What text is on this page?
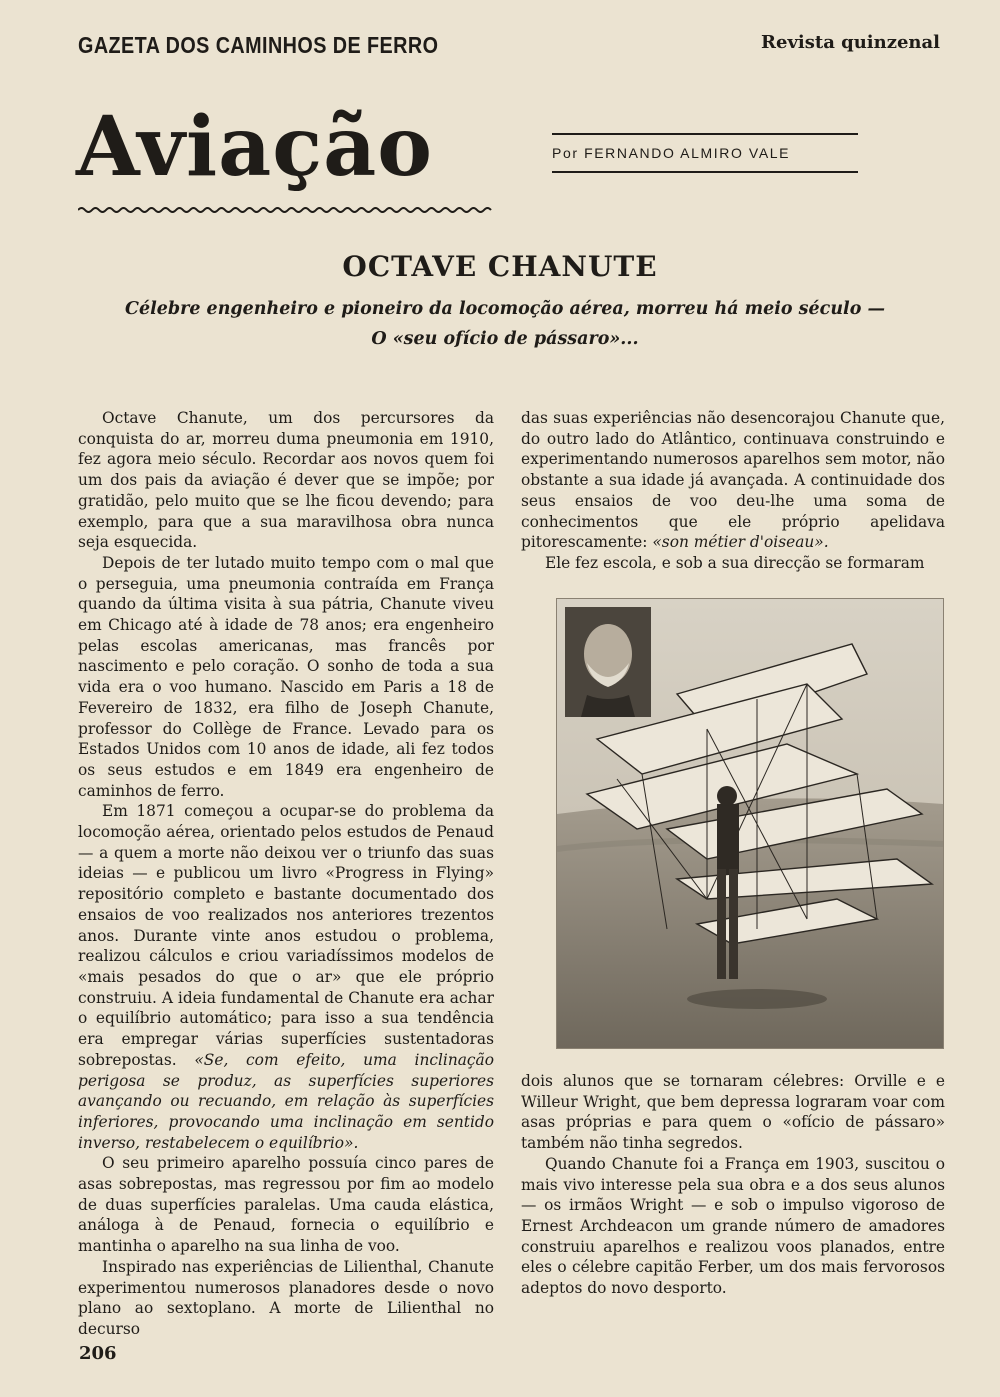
GAZETA DOS CAMINHOS DE FERRO	Revista quinzenal
Aviação	Por FERNANDO ALMIRO VALE
OCTAVE CHANUTE
Célebre engenheiro e pioneiro da locomoção aérea, morreu há meio século —
O «seu ofício de pássaro»...

Octave Chanute, um dos percursores da conquista do ar, morreu duma pneumonia em 1910, fez agora meio século. Recordar aos novos quem foi um dos pais da aviação é dever que se impõe; por gratidão, pelo muito que se lhe ficou devendo; para exemplo, para que a sua maravilhosa obra nunca seja esquecida.

Depois de ter lutado muito tempo com o mal que o perseguia, uma pneumonia contraída em França quando da última visita à sua pátria, Chanute viveu em Chicago até à idade de 78 anos; era engenheiro pelas escolas americanas, mas francês por nascimento e pelo coração. O sonho de toda a sua vida era o voo humano. Nascido em Paris a 18 de Fevereiro de 1832, era filho de Joseph Chanute, professor do Collège de France. Levado para os Estados Unidos com 10 anos de idade, ali fez todos os seus estudos e em 1849 era engenheiro de caminhos de ferro.

Em 1871 começou a ocupar-se do problema da locomoção aérea, orientado pelos estudos de Penaud — a quem a morte não deixou ver o triunfo das suas ideias — e publicou um livro «Progress in Flying» repositório completo e bastante documentado dos ensaios de voo realizados nos anteriores trezentos anos. Durante vinte anos estudou o problema, realizou cálculos e criou variadíssimos modelos de «mais pesados do que o ar» que ele próprio construiu. A ideia fundamental de Chanute era achar o equilíbrio automático; para isso a sua tendência era empregar várias superfícies sustentadoras sobrepostas. «Se, com efeito, uma inclinação perigosa se produz, as superfícies superiores avançando ou recuando, em relação às superfícies inferiores, provocando uma inclinação em sentido inverso, restabelecem o equilíbrio».

O seu primeiro aparelho possuía cinco pares de asas sobrepostas, mas regressou por fim ao modelo de duas superfícies paralelas. Uma cauda elástica, análoga à de Penaud, fornecia o equilíbrio e mantinha o aparelho na sua linha de voo.

Inspirado nas experiências de Lilienthal, Chanute experimentou numerosos planadores desde o novo plano ao sextoplano. A morte de Lilienthal no decurso

das suas experiências não desencorajou Chanute que, do outro lado do Atlântico, continuava construindo e experimentando numerosos aparelhos sem motor, não obstante a sua idade já avançada. A continuidade dos seus ensaios de voo deu-lhe uma soma de conhecimentos que ele próprio apelidava pitorescamente: «son métier d'oiseau».

Ele fez escola, e sob a sua direcção se formaram

dois alunos que se tornaram célebres: Orville e e Willeur Wright, que bem depressa lograram voar com asas próprias e para quem o «ofício de pássaro» também não tinha segredos.

Quando Chanute foi a França em 1903, suscitou o mais vivo interesse pela sua obra e a dos seus alunos — os irmãos Wright — e sob o impulso vigoroso de Ernest Archdeacon um grande número de amadores construiu aparelhos e realizou voos planados, entre eles o célebre capitão Ferber, um dos mais fervorosos adeptos do novo desporto.

206
